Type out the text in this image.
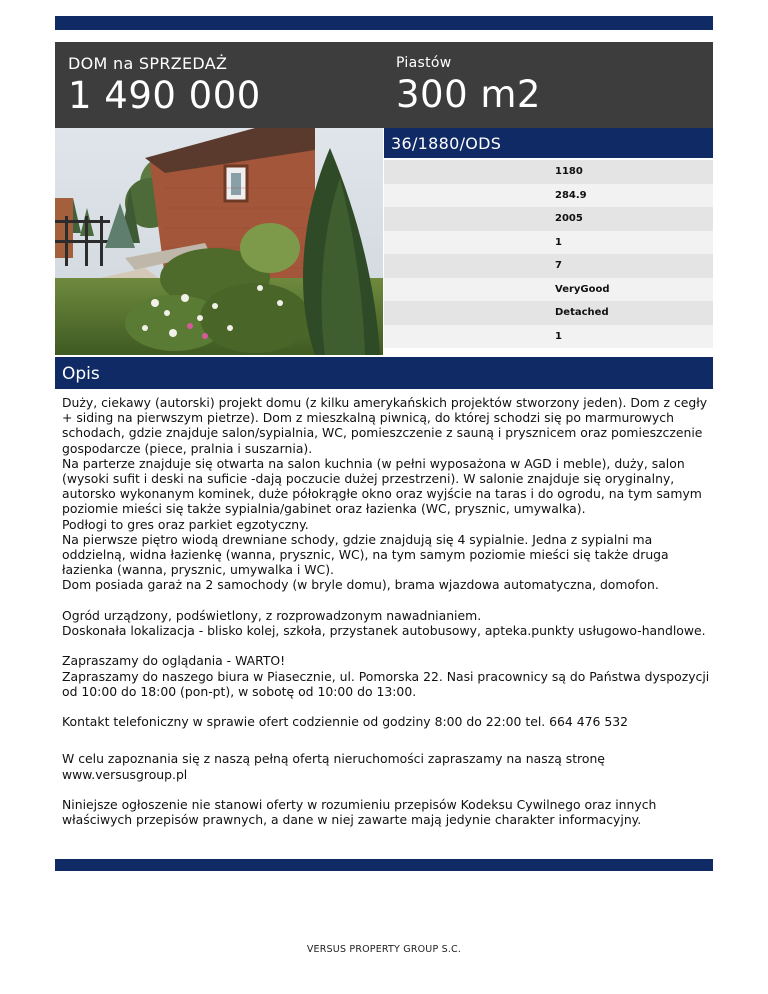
DOM na SPRZEDAŻ
1 490 000
Piastów
300 m2
36/1880/ODS
1180
284.9
2005
1
7
VeryGood
Detached
1
Opis

Duży, ciekawy (autorski) projekt domu (z kilku amerykańskich projektów stworzony jeden). Dom z cegły + siding na pierwszym pietrze). Dom z mieszkalną piwnicą, do której schodzi się po marmurowych schodach, gdzie znajduje salon/sypialnia, WC, pomieszczenie z sauną i prysznicem oraz pomieszczenie gospodarcze (piece, pralnia i suszarnia).

Na parterze znajduje się otwarta na salon kuchnia (w pełni wyposażona w AGD i meble), duży, salon (wysoki sufit i deski na suficie -dają poczucie dużej przestrzeni). W salonie znajduje się oryginalny, autorsko wykonanym kominek, duże półokrągłe okno oraz wyjście na taras i do ogrodu, na tym samym poziomie mieści się także sypialnia/gabinet oraz łazienka (WC, prysznic, umywalka).

Podłogi to gres oraz parkiet egzotyczny.

Na pierwsze piętro wiodą drewniane schody, gdzie znajdują się 4 sypialnie. Jedna z sypialni ma oddzielną, widna łazienkę (wanna, prysznic, WC), na tym samym poziomie mieści się także druga łazienka (wanna, prysznic, umywalka i WC).

Dom posiada garaż na 2 samochody (w bryle domu), brama wjazdowa automatyczna, domofon.

Ogród urządzony, podświetlony, z rozprowadzonym nawadnianiem.

Doskonała lokalizacja - blisko kolej, szkoła, przystanek autobusowy, apteka.punkty usługowo-handlowe.

Zapraszamy do oglądania - WARTO!

Zapraszamy do naszego biura w Piasecznie, ul. Pomorska 22. Nasi pracownicy są do Państwa dyspozycji od 10:00 do 18:00 (pon-pt), w sobotę od 10:00 do 13:00.

Kontakt telefoniczny w sprawie ofert codziennie od godziny 8:00 do 22:00 tel. 664 476 532

W celu zapoznania się z naszą pełną ofertą nieruchomości zapraszamy na naszą stronę www.versusgroup.pl

Niniejsze ogłoszenie nie stanowi oferty w rozumieniu przepisów Kodeksu Cywilnego oraz innych właściwych przepisów prawnych, a dane w niej zawarte mają jedynie charakter informacyjny.

VERSUS PROPERTY GROUP S.C.
